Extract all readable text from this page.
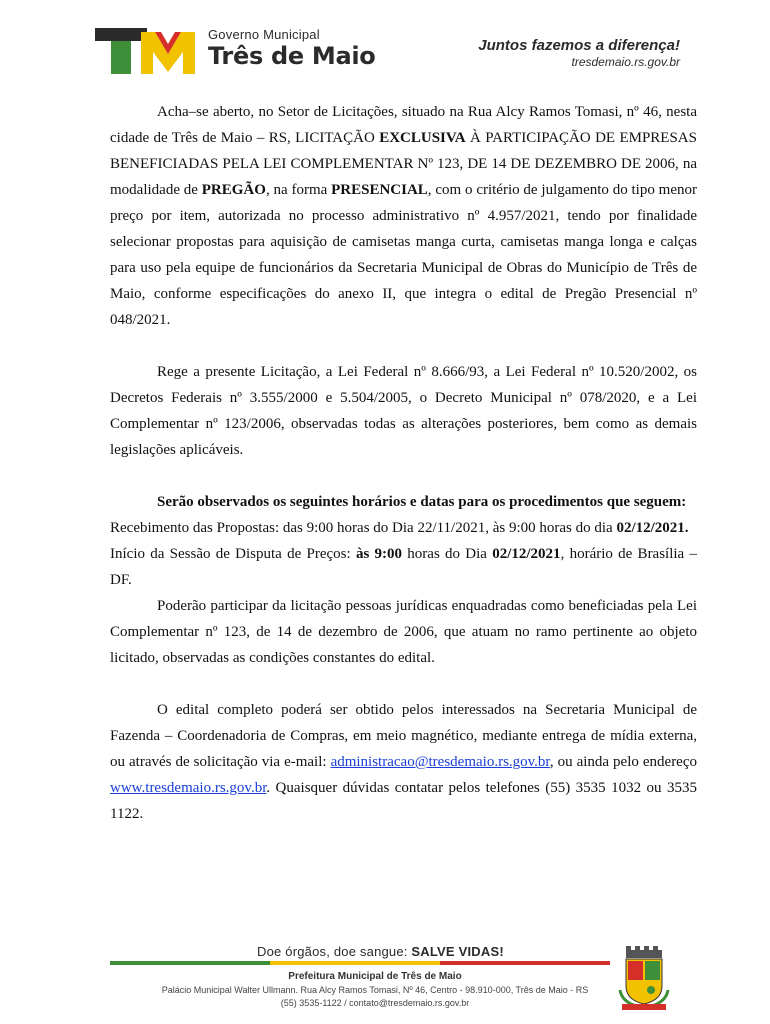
Governo Municipal
Três de Maio	Juntos fazemos a diferença!
tresdemaio.rs.gov.br

Acha–se aberto, no Setor de Licitações, situado na Rua Alcy Ramos Tomasi, nº 46, nesta cidade de Três de Maio – RS, LICITAÇÃO EXCLUSIVA À PARTICIPAÇÃO DE EMPRESAS BENEFICIADAS PELA LEI COMPLEMENTAR Nº 123, DE 14 DE DEZEMBRO DE 2006, na modalidade de PREGÃO, na forma PRESENCIAL, com o critério de julgamento do tipo menor preço por item, autorizada no processo administrativo nº 4.957/2021, tendo por finalidade selecionar propostas para aquisição de camisetas manga curta, camisetas manga longa e calças para uso pela equipe de funcionários da Secretaria Municipal de Obras do Município de Três de Maio, conforme especificações do anexo II, que integra o edital de Pregão Presencial nº 048/2021.

Rege a presente Licitação, a Lei Federal nº 8.666/93, a Lei Federal nº 10.520/2002, os Decretos Federais nº 3.555/2000 e 5.504/2005, o Decreto Municipal nº 078/2020, e a Lei Complementar nº 123/2006, observadas todas as alterações posteriores, bem como as demais legislações aplicáveis.

Serão observados os seguintes horários e datas para os procedimentos que seguem:

Recebimento das Propostas: das 9:00 horas do Dia 22/11/2021, às 9:00 horas do dia 02/12/2021.

Início da Sessão de Disputa de Preços: às 9:00 horas do Dia 02/12/2021, horário de Brasília – DF.

Poderão participar da licitação pessoas jurídicas enquadradas como beneficiadas pela Lei Complementar nº 123, de 14 de dezembro de 2006, que atuam no ramo pertinente ao objeto licitado, observadas as condições constantes do edital.

O edital completo poderá ser obtido pelos interessados na Secretaria Municipal de Fazenda – Coordenadoria de Compras, em meio magnético, mediante entrega de mídia externa, ou através de solicitação via e-mail: administracao@tresdemaio.rs.gov.br, ou ainda pelo endereço www.tresdemaio.rs.gov.br. Quaisquer dúvidas contatar pelos telefones (55) 3535 1032 ou 3535 1122.

Doe órgãos, doe sangue: SALVE VIDAS!
Prefeitura Municipal de Três de Maio
Palácio Municipal Walter Ullmann. Rua Alcy Ramos Tomasi, Nº 46, Centro - 98.910-000, Três de Maio - RS
(55) 3535-1122 / contato@tresdemaio.rs.gov.br
